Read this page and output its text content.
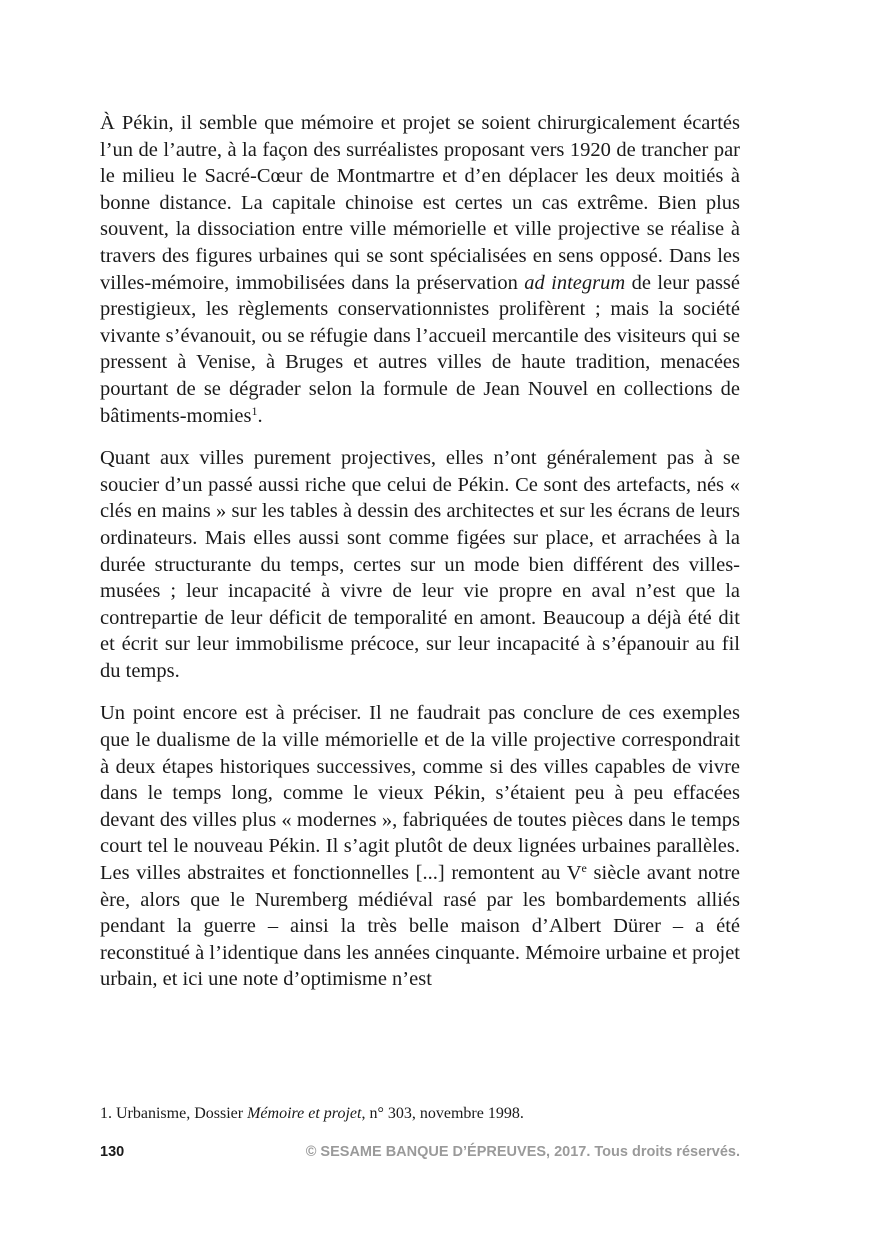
À Pékin, il semble que mémoire et projet se soient chirurgicalement écartés l’un de l’autre, à la façon des surréalistes proposant vers 1920 de trancher par le milieu le Sacré-Cœur de Montmartre et d’en déplacer les deux moitiés à bonne distance. La capitale chinoise est certes un cas extrême. Bien plus souvent, la dissociation entre ville mémorielle et ville projective se réalise à travers des figures urbaines qui se sont spécialisées en sens opposé. Dans les villes-mémoire, immobilisées dans la préservation ad integrum de leur passé prestigieux, les règlements conservationnistes prolifèrent ; mais la société vivante s’évanouit, ou se réfugie dans l’accueil mercantile des visiteurs qui se pressent à Venise, à Bruges et autres villes de haute tradition, menacées pourtant de se dégrader selon la formule de Jean Nouvel en collections de bâtiments-momies$^1$.

Quant aux villes purement projectives, elles n’ont généralement pas à se soucier d’un passé aussi riche que celui de Pékin. Ce sont des artefacts, nés « clés en mains » sur les tables à dessin des architectes et sur les écrans de leurs ordinateurs. Mais elles aussi sont comme figées sur place, et arrachées à la durée structurante du temps, certes sur un mode bien différent des villes-musées ; leur incapacité à vivre de leur vie propre en aval n’est que la contrepartie de leur déficit de temporalité en amont. Beaucoup a déjà été dit et écrit sur leur immobilisme précoce, sur leur incapacité à s’épanouir au fil du temps.

Un point encore est à préciser. Il ne faudrait pas conclure de ces exemples que le dualisme de la ville mémorielle et de la ville projective correspondrait à deux étapes historiques successives, comme si des villes capables de vivre dans le temps long, comme le vieux Pékin, s’étaient peu à peu effacées devant des villes plus « modernes », fabriquées de toutes pièces dans le temps court tel le nouveau Pékin. Il s’agit plutôt de deux lignées urbaines parallèles. Les villes abstraites et fonctionnelles [...] remontent au Ve siècle avant notre ère, alors que le Nuremberg médiéval rasé par les bombardements alliés pendant la guerre – ainsi la très belle maison d’Albert Dürer – a été reconstitué à l’identique dans les années cinquante. Mémoire urbaine et projet urbain, et ici une note d’optimisme n’est

1. Urbanisme, Dossier Mémoire et projet, n° 303, novembre 1998.
130	© SESAME BANQUE D’ÉPREUVES, 2017. Tous droits réservés.
